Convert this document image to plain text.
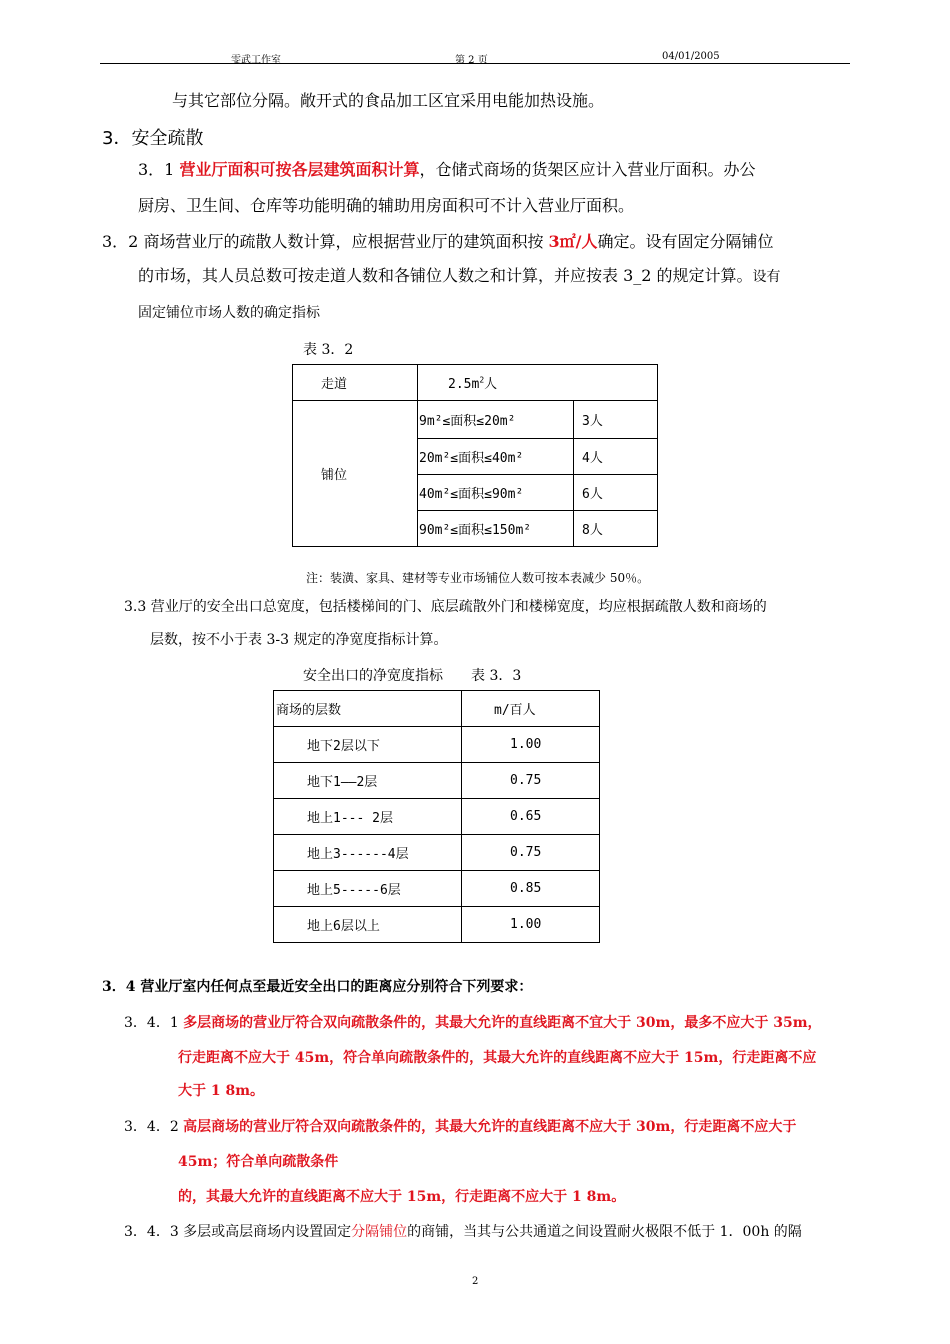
雯武工作室	第 2 页	04/01/2005
与其它部位分隔。敞开式的食品加工区宜采用电能加热设施。
3．安全疏散
3．1 营业厅面积可按各层建筑面积计算，仓储式商场的货架区应计入营业厅面积。办公
厨房、卫生间、仓库等功能明确的辅助用房面积可不计入营业厅面积。
3．2 商场营业厅的疏散人数计算，应根据营业厅的建筑面积按 3㎡/人确定。设有固定分隔铺位
的市场，其人员总数可按走道人数和各铺位人数之和计算，并应按表 3_2 的规定计算。设有
固定铺位市场人数的确定指标
表 3．2
走道	$2.5m^2$人	
铺位	9m²≤面积≤20m²	3人
	20m²≤面积≤40m²	4人
	40m²≤面积≤90m²	6人
	90m²≤面积≤150m²	8人
注：装潢、家具、建材等专业市场铺位人数可按本表减少 50％。
3.3 营业厅的安全出口总宽度，包括楼梯间的门、底层疏散外门和楼梯宽度，均应根据疏散人数和商场的
层数，按不小于表 3-3 规定的净宽度指标计算。
安全出口的净宽度指标　　表 3．3
商场的层数	m/百人
地下2层以下	1.00
地下1——2层	0.75
地上1--- 2层	0.65
地上3------4层	0.75
地上5-----6层	0.85
地上6层以上	1.00
3．4 营业厅室内任何点至最近安全出口的距离应分别符合下列要求：
3．4．1 多层商场的营业厅符合双向疏散条件的，其最大允许的直线距离不宜大于 30m，最多不应大于 35m，
行走距离不应大于 45m，符合单向疏散条件的，其最大允许的直线距离不应大于 15m，行走距离不应
大于 1 8m。
3．4．2 高层商场的营业厅符合双向疏散条件的，其最大允许的直线距离不应大于 30m，行走距离不应大于
45m；符合单向疏散条件
的，其最大允许的直线距离不应大于 15m，行走距离不应大于 1 8m。
3．4．3 多层或高层商场内设置固定分隔铺位的商铺，当其与公共通道之间设置耐火极限不低于 1．00h 的隔
2
